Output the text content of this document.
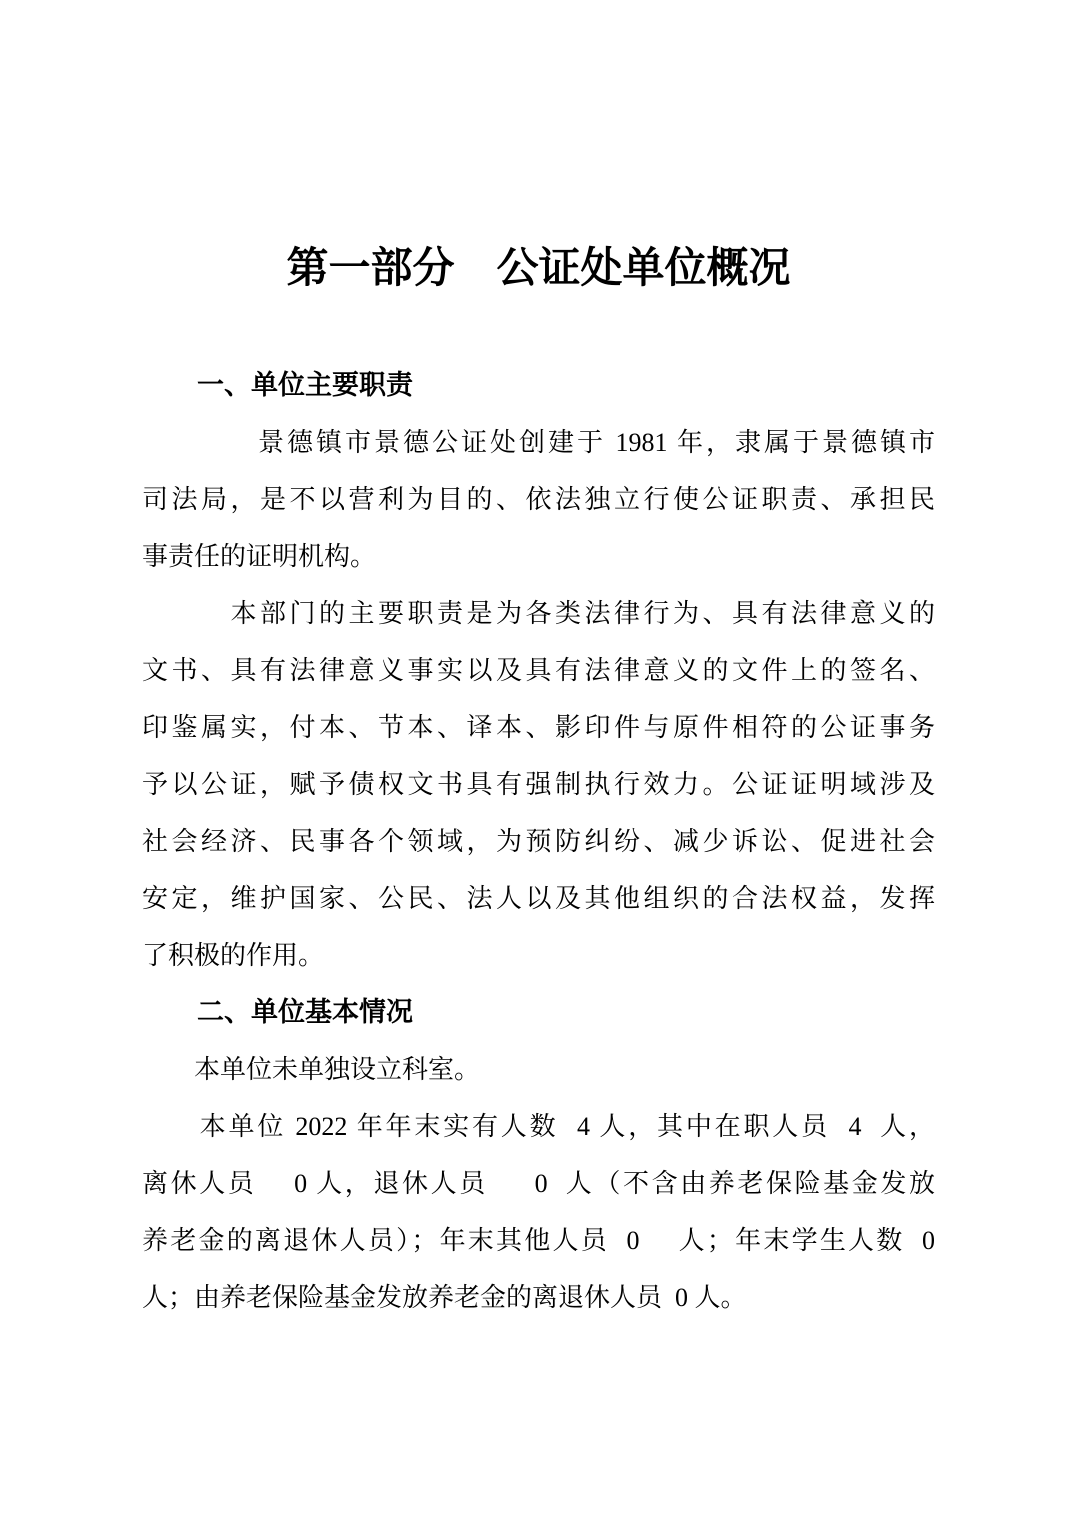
第一部分　公证处单位概况
一、单位主要职责
　　　　景德镇市景德公证处创建于 1981 年，隶属于景德镇市
司法局，是不以营利为目的、依法独立行使公证职责、承担民
事责任的证明机构。
　　　本部门的主要职责是为各类法律行为、具有法律意义的
文书、具有法律意义事实以及具有法律意义的文件上的签名、
印鉴属实，付本、节本、译本、影印件与原件相符的公证事务
予以公证，赋予债权文书具有强制执行效力。公证证明域涉及
社会经济、民事各个领域，为预防纠纷、减少诉讼、促进社会
安定，维护国家、公民、法人以及其他组织的合法权益，发挥
了积极的作用。
二、单位基本情况
　　本单位未单独设立科室。
　　本单位 2022 年年末实有人数  4 人，其中在职人员  4  人，
离休人员　 0 人，退休人员　  0  人（不含由养老保险基金发放
养老金的离退休人员）；年末其他人员  0　 人；年末学生人数  0
人；由养老保险基金发放养老金的离退休人员  0 人。
